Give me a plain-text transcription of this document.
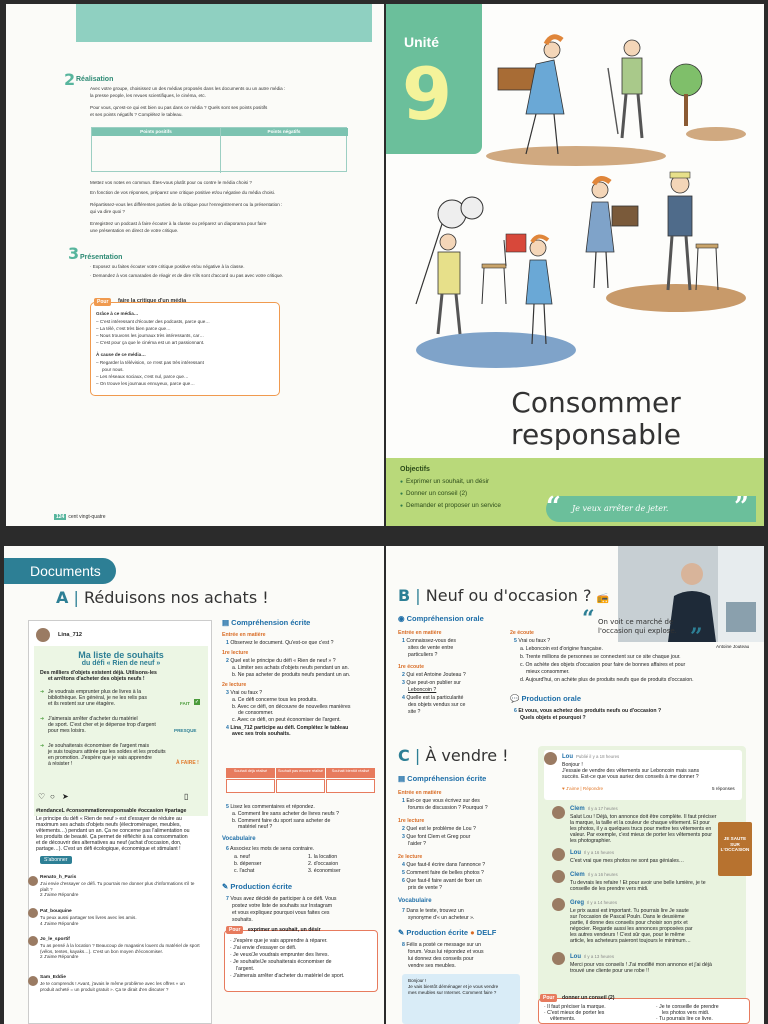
2 Réalisation
Avec votre groupe, choisissez un des médias proposés dans les documents ou un autre média :
la presse people, les revues scientifiques, le cinéma, etc.
Pour vous, qu'est-ce qui est bien ou pas dans ce média ? Quels sont ses points positifs
et ses points négatifs ? Complétez le tableau.
Points positifs	Points négatifs
Mettez vos notes en commun. Êtes-vous plutôt pour ou contre le média choisi ?
En fonction de vos réponses, préparez une critique positive et/ou négative du média choisi.
Répartissez-vous les différentes parties de la critique pour l'enregistrement ou la présentation :
qui va dire quoi ?
Enregistrez un podcast à faire écouter à la classe ou préparez un diaporama pour faire
une présentation en direct de votre critique.
3 Présentation
· Exposez ou faites écouter votre critique positive et/ou négative à la classe.
· Demandez à vos camarades de réagir et de dire s'ils sont d'accord ou pas avec votre critique.
Pour	faire la critique d'un média
Grâce à ce média…
– C'est intéressant d'écouter des podcasts, parce que…
– La télé, c'est très bien parce que…
– Nous trouvons les journaux très intéressants, car…
– C'est pour ça que le cinéma est un art passionnant.
À cause de ce média…
– Regarder la télévision, ce n'est pas très intéressant
pour nous.
– Les réseaux sociaux, c'est nul, parce que…
– On trouve les journaux ennuyeux, parce que…
124 cent vingt-quatre
Unité
9
Consommer
responsable
Objectifs
● Exprimer un souhait, un désir
● Donner un conseil (2)
● Demander et proposer un service “ Je veux arrêter de jeter.	”
Documents
A | Réduisons nos achats !
Lina_712
Ma liste de souhaits
du défi « Rien de neuf »
Des milliers d'objets existent déjà. Utilisons-les
et arrêtons d'acheter des objets neufs !
➜ Je voudrais emprunter plus de livres à la
bibliothèque. En général, je ne les relis pas
et ils restent sur une étagère.	FAIT ✓
➜ J'aimerais arrêter d'acheter du matériel
de sport. C'est cher et je dépense trop d'argent
pour mes loisirs.	PRESQUE
➜ Je souhaiterais économiser de l'argent mais
je suis toujours attirée par les soldes et les produits
en promotion. J'espère que je vais apprendre
à résister !	À FAIRE !
♡ ○ ➤	▯
#tendanceL #consommationresponsable #occasion #partage
Le principe du défi « Rien de neuf » est d'essayer de réduire au
maximum ses achats d'objets neufs (électroménager, meubles,
vêtements…) pendant un an. Ça ne concerne pas l'alimentation ou
les produits de beauté. Ça permet de réfléchir à sa consommation
et de découvrir des alternatives au neuf (achat d'occasion, don,
partage…). C'est un défi écologique, économique et stimulant !
S'abonner
Renato_h_Paris
J'ai envie d'essayer ce défi. Tu pourrais me donner plus d'informations s'il te plaît ?
2 J'aime Répondre
Pat_bouquine
Tu peux aussi partager tes livres avec les amis.
4 J'aime Répondre
Jo_le_sportif
Tu as pensé à la location ? Beaucoup de magasins louent du matériel de sport (vélos, tentes, kayaks…). C'est un bon moyen d'économiser.
2 J'aime Répondre
Sam_Eddie
Je te comprends ! Avant, j'avais le même problème avec les offres « un produit acheté = un produit gratuit ». Ça te dirait d'en discuter ?
▤ Compréhension écrite
Entrée en matière
1 Observez le document. Qu'est-ce que c'est ?
1re lecture
2 Quel est le principe du défi « Rien de neuf » ?
a. Limiter ses achats d'objets neufs pendant un an.
b. Ne pas acheter de produits neufs pendant un an.
2e lecture
3 Vrai ou faux ?
a. Ce défi concerne tous les produits.
b. Avec ce défi, on découvre de nouvelles manières
de consommer.
c. Avec ce défi, on peut économiser de l'argent.
4 Lina_712 participe au défi. Complétez le tableau
avec ses trois souhaits.
Souhait déjà réalisé	Souhait pas encore réalisé	Souhait bientôt réalisé
5 Lisez les commentaires et répondez.
a. Comment lire sans acheter de livres neufs ?
b. Comment faire du sport sans acheter de
matériel neuf ?
Vocabulaire
6 Associez les mots de sens contraire.
a. neuf
b. dépenser
c. l'achat
1. la location
2. d'occasion
3. économiser
✎ Production écrite
7 Vous avez décidé de participer à ce défi. Vous
postez votre liste de souhaits sur Instagram
et vous expliquez pourquoi vous faites ces
souhaits.
Pour	exprimer un souhait, un désir
· J'espère que je vais apprendre à réparer.
· J'ai envie d'essayer ce défi.
· Je veux/Je voudrais emprunter des livres.
· Je souhaite/Je souhaiterais économiser de
l'argent.
· J'aimerais arrêter d'acheter du matériel de sport.
B | Neuf ou d'occasion ? 📻
“ On voit ce marché de
l'occasion qui explose. ”	Antoine Jouteau
◉ Compréhension orale
Entrée en matière
1 Connaissez-vous des
sites de vente entre
particuliers ?
1re écoute
2 Qui est Antoine Jouteau ?
3 Que peut-on publier sur
Leboncoin ?
4 Quelle est la particularité
des objets vendus sur ce
site ?
2e écoute
5 Vrai ou faux ?
a. Leboncoin est d'origine française.
b. Trente millions de personnes se connectent sur ce site chaque jour.
c. On achète des objets d'occasion pour faire de bonnes affaires et pour
mieux consommer.
d. Aujourd'hui, on achète plus de produits neufs que de produits d'occasion.
💬 Production orale
6 Et vous, vous achetez des produits neufs ou d'occasion ?
Quels objets et pourquoi ?
C | À vendre !
▤ Compréhension écrite
Entrée en matière
1 Est-ce que vous écrivez sur des
forums de discussion ? Pourquoi ?
1re lecture
2 Quel est le problème de Lou ?
3 Que font Clem et Greg pour
l'aider ?
2e lecture
4 Que faut-il écrire dans l'annonce ?
5 Comment faire de belles photos ?
6 Que faut-il faire avant de fixer un
prix de vente ?
Vocabulaire
7 Dans le texte, trouvez un
synonyme d'« un acheteur ».
✎ Production écrite ● DELF
8 Félix a posté ce message sur un
forum. Vous lui répondez et vous
lui donnez des conseils pour
vendre ses meubles.
Bonjour !
Je vais bientôt déménager et je vous vendre
mes meubles sur Internet. Comment faire ?
Lou Publié il y a 18 heures
Bonjour !
J'essaie de vendre des vêtements sur Leboncoin mais sans
succès. Est-ce que vous auriez des conseils à me donner ?
♥ J'aime | Répondre	5 réponses
Clem Il y a 17 heures
Salut Lou ! Déjà, ton annonce doit être complète. Il faut préciser
la marque, la taille et la couleur de chaque vêtement. Et pour
les photos, il y a quelques trucs pour mettre tes vêtements en
valeur. Par exemple, c'est mieux de porter les vêtements pour
les photographier.
Lou Il y a 16 heures
C'est vrai que mes photos ne sont pas géniales…
Clem Il y a 16 heures
Tu devrais les refaire ! Et pour avoir une belle lumière, je te
conseille de les prendre vers midi.
Greg Il y a 14 heures
Le prix aussi est important. Tu pourrais lire Je saute
sur l'occasion de Pascal Pouln. Dans le deuxième
partie, il donne des conseils pour choisir son prix et
négocier. Regarde aussi les annonces proposées par
les autres vendeurs ! C'est sûr que, pour le même
article, les acheteurs paieront toujours le minimum…
JE SAUTE
SUR
L'OCCASION
Lou Il y a 13 heures
Merci pour vos conseils ! J'ai modifié mon annonce et j'ai déjà
trouvé une cliente pour une robe !!
Pour	donner un conseil (2)
· Il faut préciser la marque.
· C'est mieux de porter les
vêtements.
· Je te conseille de prendre
les photos vers midi.
· Tu pourrais lire ce livre.
